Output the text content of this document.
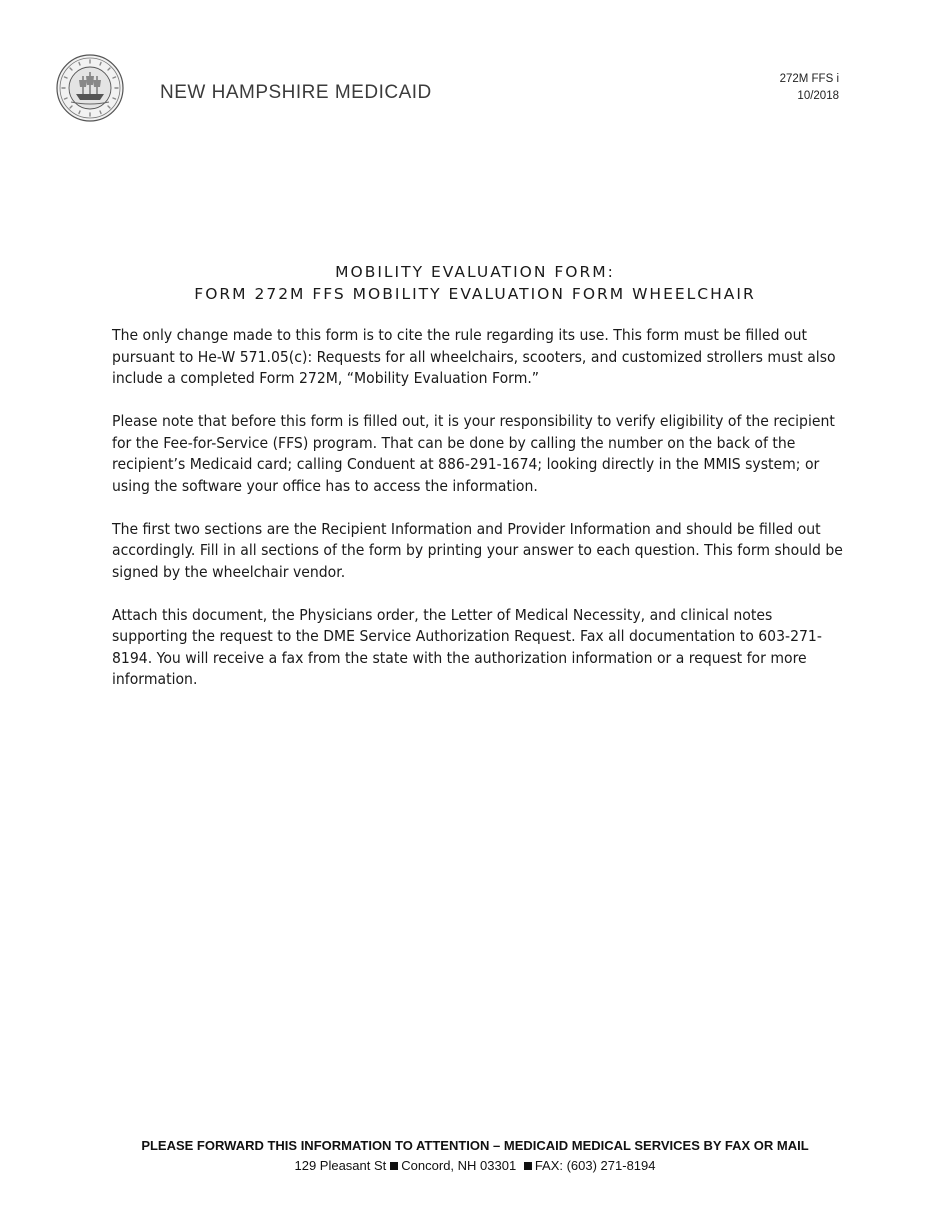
NEW HAMPSHIRE MEDICAID
272M FFS i
10/2018
MOBILITY EVALUATION FORM:
FORM 272M FFS MOBILITY EVALUATION FORM WHEELCHAIR

The only change made to this form is to cite the rule regarding its use. This form must be filled out pursuant to He-W 571.05(c): Requests for all wheelchairs, scooters, and customized strollers must also include a completed Form 272M, “Mobility Evaluation Form.”

Please note that before this form is filled out, it is your responsibility to verify eligibility of the recipient for the Fee-for-Service (FFS) program. That can be done by calling the number on the back of the recipient’s Medicaid card; calling Conduent at 886-291-1674; looking directly in the MMIS system; or using the software your office has to access the information.

The first two sections are the Recipient Information and Provider Information and should be filled out accordingly. Fill in all sections of the form by printing your answer to each question. This form should be signed by the wheelchair vendor.

Attach this document, the Physicians order, the Letter of Medical Necessity, and clinical notes supporting the request to the DME Service Authorization Request. Fax all documentation to 603-271-8194. You will receive a fax from the state with the authorization information or a request for more information.

PLEASE FORWARD THIS INFORMATION TO ATTENTION – MEDICAID MEDICAL SERVICES BY FAX OR MAIL
129 Pleasant St Concord, NH 03301 FAX: (603) 271-8194
